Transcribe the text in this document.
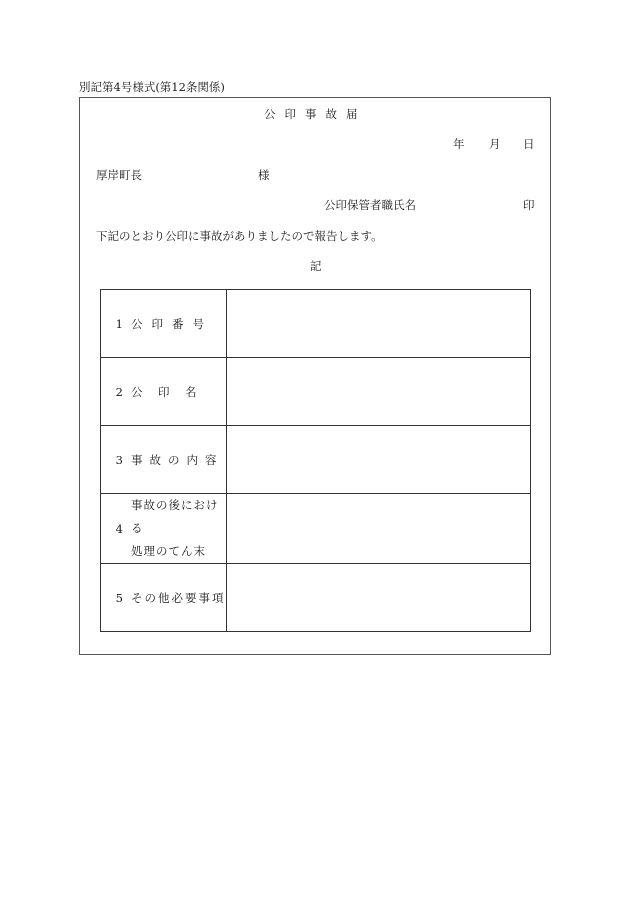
別記第4号様式(第12条関係)
公印事故届
年 月 日
厚岸町長	様
公印保管者職氏名	印
下記のとおり公印に事故がありましたので報告します。
記
1 公印番号	

2 公　印　名	

3 事故の内容	

4
事故の後における
処理のてん末	

5 その他必要事項	
